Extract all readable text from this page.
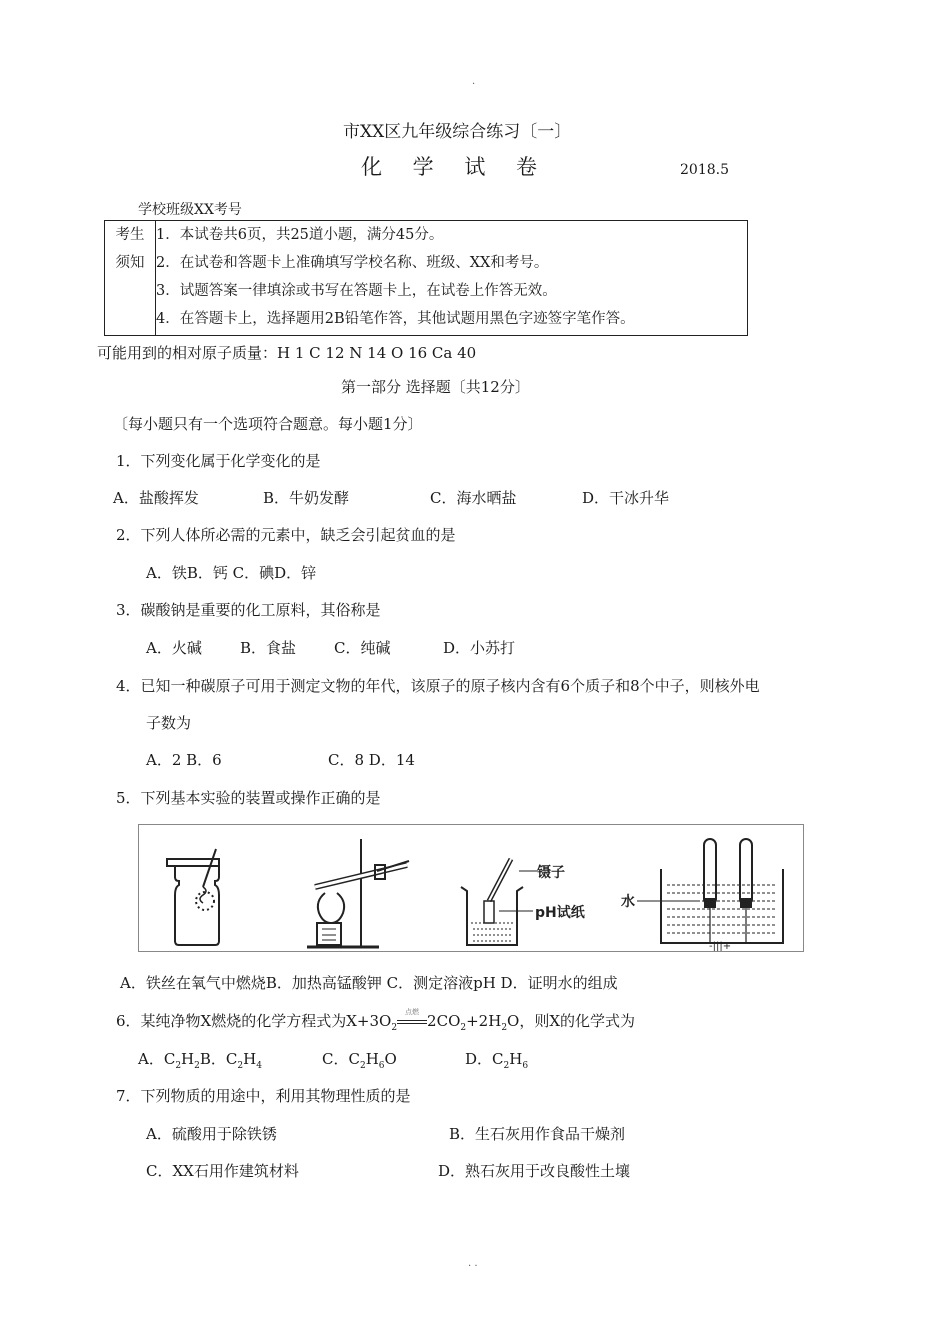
.
市XX区九年级综合练习〔一〕
化 学 试 卷	2018.5
学校班级XX考号
考生
须知

1．本试卷共6页，共25道小题，满分45分。
2．在试卷和答题卡上准确填写学校名称、班级、XX和考号。
3．试题答案一律填涂或书写在答题卡上，在试卷上作答无效。
4．在答题卡上，选择题用2B铅笔作答，其他试题用黑色字迹签字笔作答。
可能用到的相对原子质量：H 1 C 12 N 14 O 16 Ca 40
第一部分 选择题〔共12分〕
〔每小题只有一个选项符合题意。每小题1分〕
1．下列变化属于化学变化的是
A．盐酸挥发	B．牛奶发酵	C．海水晒盐	D．干冰升华
2．下列人体所必需的元素中，缺乏会引起贫血的是
A．铁B．钙 C．碘D．锌
3．碳酸钠是重要的化工原料，其俗称是
A．火碱	B．食盐	C．纯碱	D．小苏打
4．已知一种碳原子可用于测定文物的年代，该原子的原子核内含有6个质子和8个中子，则核外电
子数为
A．2 B．6	C．8 D．14
5．下列基本实验的装置或操作正确的是
镊子
pH试纸
水
-|||+
A．铁丝在氧气中燃烧B．加热高锰酸钾 C．测定溶液pH D．证明水的组成
6．某纯净物X燃烧的化学方程式为$X+3O_2$
点燃 $2CO_2+2H_2O$，则X的化学式为
A．$C_2H_2B$．$C_2H_4$	C．$C_2H_6O$	D．$C_2H_6$
7．下列物质的用途中，利用其物理性质的是
A．硫酸用于除铁锈	B．生石灰用作食品干燥剂
C．XX石用作建筑材料	D．熟石灰用于改良酸性土壤
. .
